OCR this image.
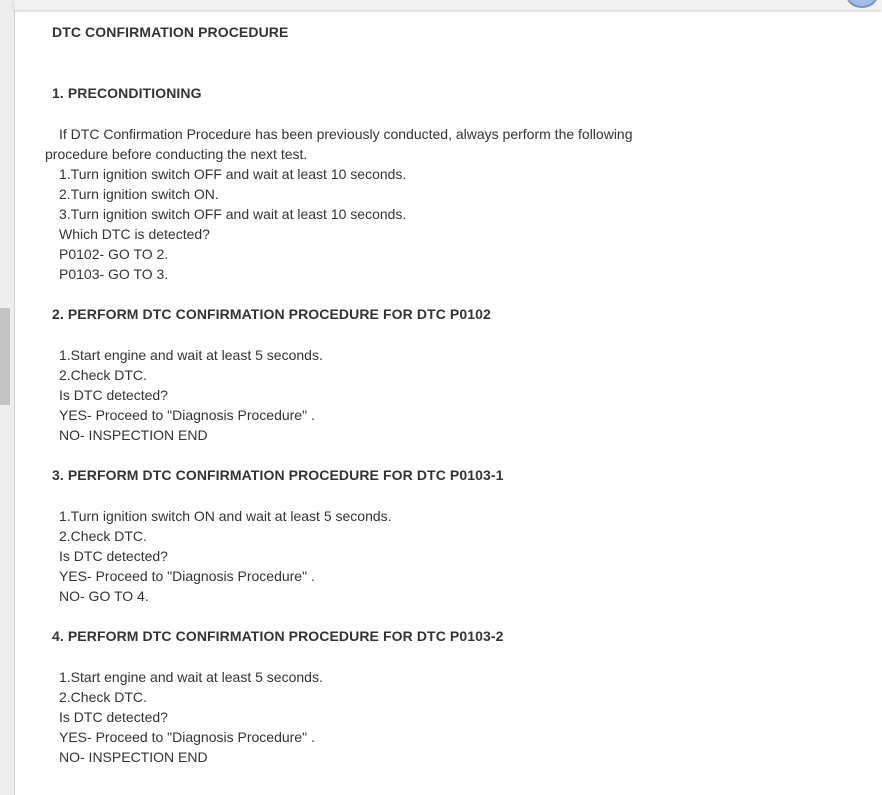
DTC CONFIRMATION PROCEDURE
1. PRECONDITIONING
If DTC Confirmation Procedure has been previously conducted, always perform the following
procedure before conducting the next test.
1.Turn ignition switch OFF and wait at least 10 seconds.
2.Turn ignition switch ON.
3.Turn ignition switch OFF and wait at least 10 seconds.
Which DTC is detected?
P0102- GO TO 2.
P0103- GO TO 3.
2. PERFORM DTC CONFIRMATION PROCEDURE FOR DTC P0102
1.Start engine and wait at least 5 seconds.
2.Check DTC.
Is DTC detected?
YES- Proceed to "Diagnosis Procedure" .
NO- INSPECTION END
3. PERFORM DTC CONFIRMATION PROCEDURE FOR DTC P0103-1
1.Turn ignition switch ON and wait at least 5 seconds.
2.Check DTC.
Is DTC detected?
YES- Proceed to "Diagnosis Procedure" .
NO- GO TO 4.
4. PERFORM DTC CONFIRMATION PROCEDURE FOR DTC P0103-2
1.Start engine and wait at least 5 seconds.
2.Check DTC.
Is DTC detected?
YES- Proceed to "Diagnosis Procedure" .
NO- INSPECTION END
